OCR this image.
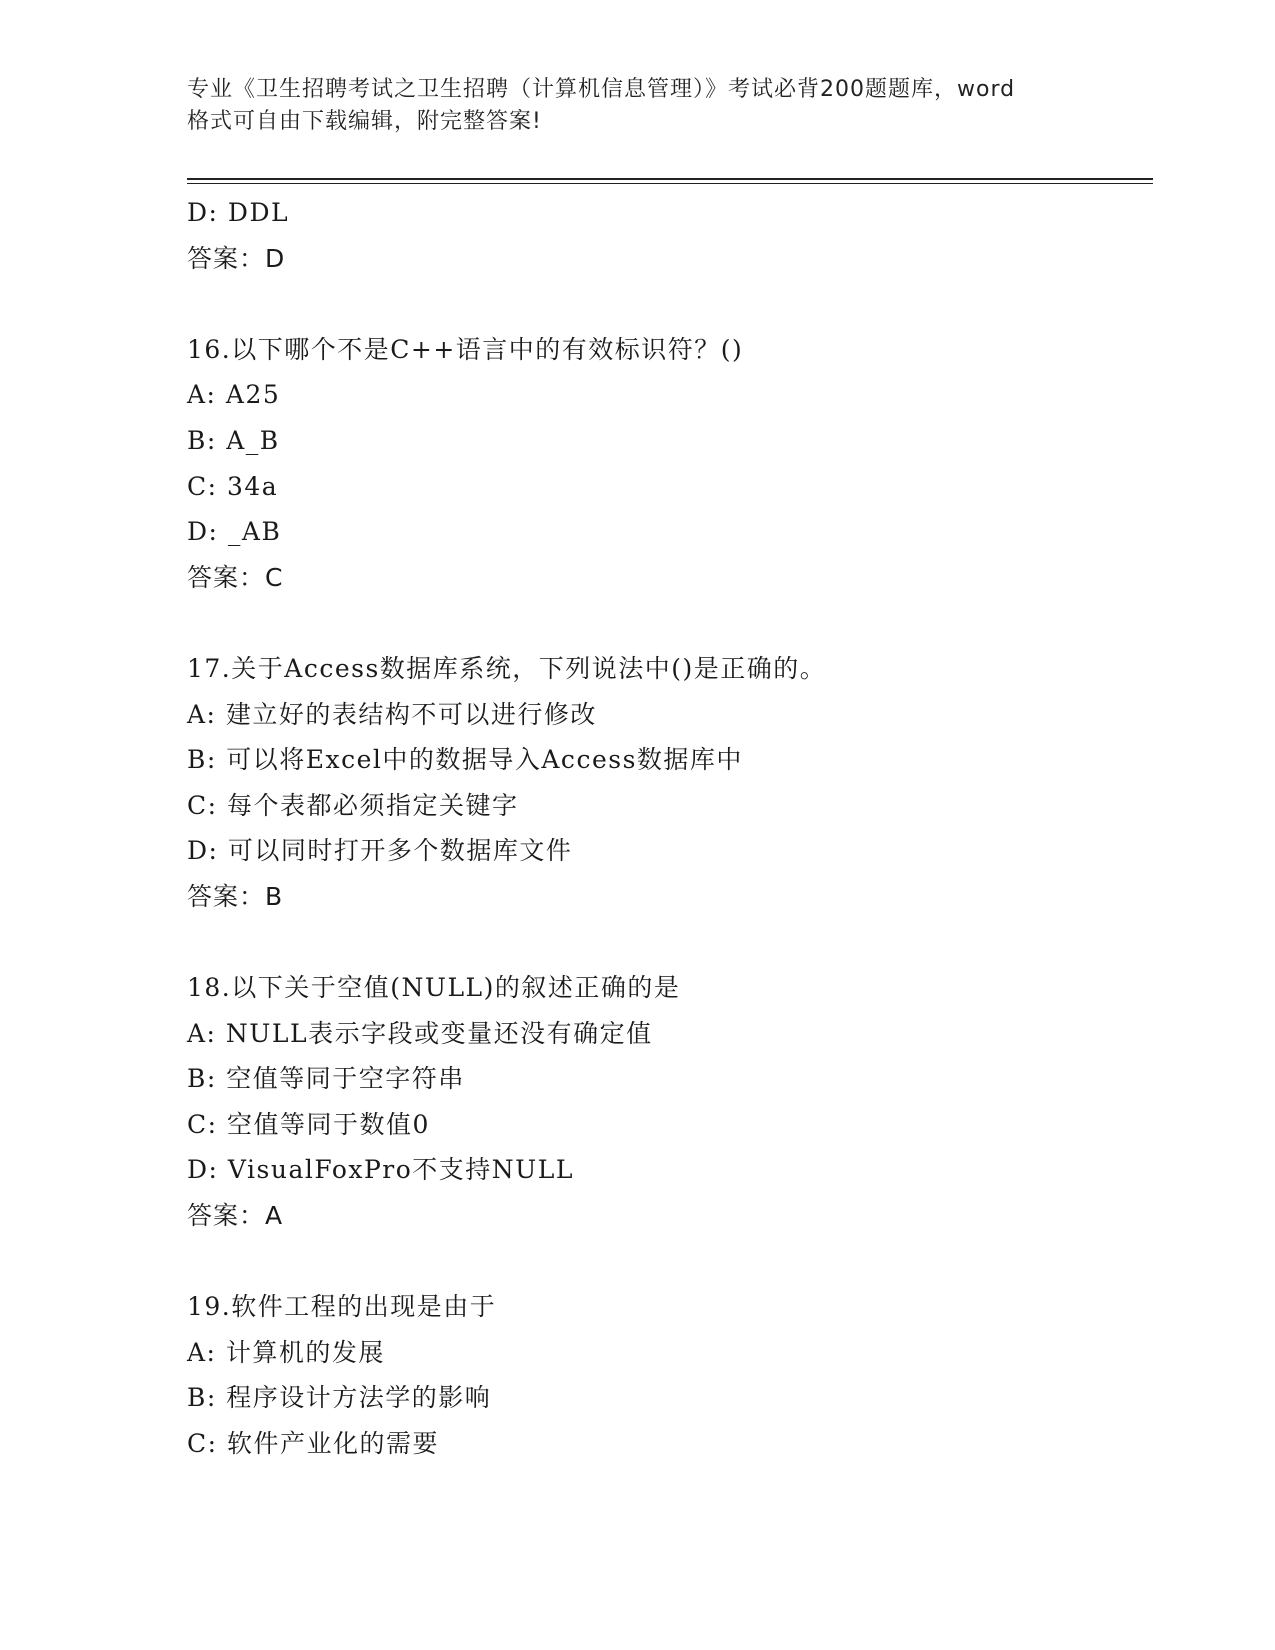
专业《卫生招聘考试之卫生招聘（计算机信息管理）》考试必背200题题库，word
格式可自由下载编辑，附完整答案!
D: DDL
答案：D
16.以下哪个不是C++语言中的有效标识符？()
A: A25
B: A_B
C: 34a
D: _AB
答案：C
17.关于Access数据库系统，下列说法中()是正确的。
A: 建立好的表结构不可以进行修改
B: 可以将Excel中的数据导入Access数据库中
C: 每个表都必须指定关键字
D: 可以同时打开多个数据库文件
答案：B
18.以下关于空值(NULL)的叙述正确的是
A: NULL表示字段或变量还没有确定值
B: 空值等同于空字符串
C: 空值等同于数值0
D: VisualFoxPro不支持NULL
答案：A
19.软件工程的出现是由于
A: 计算机的发展
B: 程序设计方法学的影响
C: 软件产业化的需要
